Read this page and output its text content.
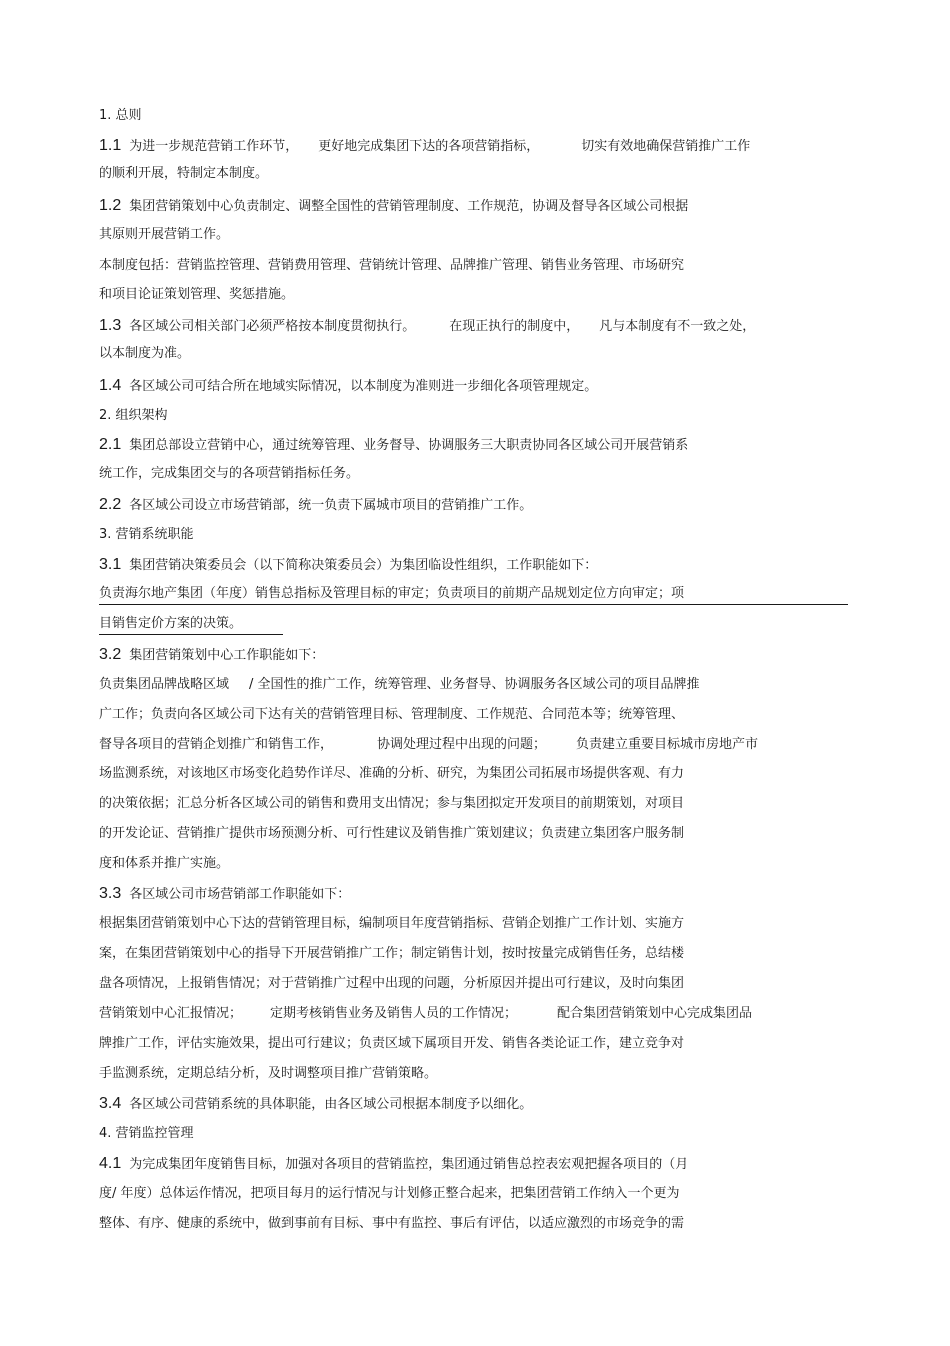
1. 总则
1.1 为进一步规范营销工作环节， 更好地完成集团下达的各项营销指标，	切实有效地确保营销推广工作
的顺利开展，特制定本制度。
1.2 集团营销策划中心负责制定、调整全国性的营销管理制度、工作规范，协调及督导各区域公司根据
其原则开展营销工作。
本制度包括：营销监控管理、营销费用管理、营销统计管理、品牌推广管理、销售业务管理、市场研究
和项目论证策划管理、奖惩措施。
1.3 各区域公司相关部门必须严格按本制度贯彻执行。	在现正执行的制度中， 凡与本制度有不一致之处，
以本制度为准。
1.4 各区域公司可结合所在地域实际情况，以本制度为准则进一步细化各项管理规定。
2. 组织架构
2.1 集团总部设立营销中心，通过统筹管理、业务督导、协调服务三大职责协同各区域公司开展营销系
统工作，完成集团交与的各项营销指标任务。
2.2 各区域公司设立市场营销部，统一负责下属城市项目的营销推广工作。
3. 营销系统职能
3.1 集团营销决策委员会（以下简称决策委员会）为集团临设性组织，工作职能如下：
负责海尔地产集团（年度）销售总指标及管理目标的审定；负责项目的前期产品规划定位方向审定；项
目销售定价方案的决策。
3.2 集团营销策划中心工作职能如下：
负责集团品牌战略区域 / 全国性的推广工作，统筹管理、业务督导、协调服务各区域公司的项目品牌推
广工作；负责向各区域公司下达有关的营销管理目标、管理制度、工作规范、合同范本等；统筹管理、
督导各项目的营销企划推广和销售工作，	协调处理过程中出现的问题； 负责建立重要目标城市房地产市
场监测系统，对该地区市场变化趋势作详尽、准确的分析、研究，为集团公司拓展市场提供客观、有力
的决策依据；汇总分析各区域公司的销售和费用支出情况；参与集团拟定开发项目的前期策划，对项目
的开发论证、营销推广提供市场预测分析、可行性建议及销售推广策划建议；负责建立集团客户服务制
度和体系并推广实施。
3.3 各区域公司市场营销部工作职能如下：
根据集团营销策划中心下达的营销管理目标，编制项目年度营销指标、营销企划推广工作计划、实施方
案，在集团营销策划中心的指导下开展营销推广工作；制定销售计划，按时按量完成销售任务，总结楼
盘各项情况，上报销售情况；对于营销推广过程中出现的问题，分析原因并提出可行建议，及时向集团
营销策划中心汇报情况； 定期考核销售业务及销售人员的工作情况；	配合集团营销策划中心完成集团品
牌推广工作，评估实施效果，提出可行建议；负责区域下属项目开发、销售各类论证工作，建立竞争对
手监测系统，定期总结分析，及时调整项目推广营销策略。
3.4 各区域公司营销系统的具体职能，由各区域公司根据本制度予以细化。
4. 营销监控管理
4.1 为完成集团年度销售目标，加强对各项目的营销监控，集团通过销售总控表宏观把握各项目的（月
度/ 年度）总体运作情况，把项目每月的运行情况与计划修正整合起来，把集团营销工作纳入一个更为
整体、有序、健康的系统中，做到事前有目标、事中有监控、事后有评估，以适应激烈的市场竞争的需
